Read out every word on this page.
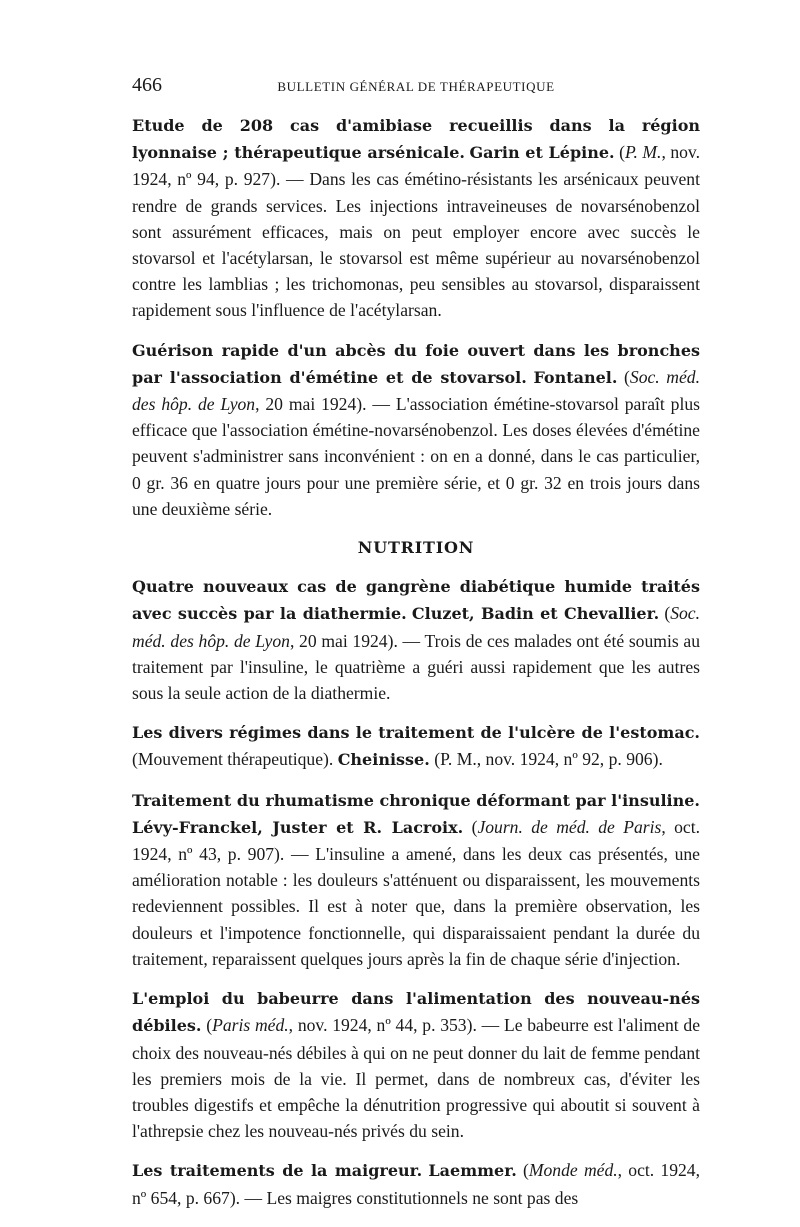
466	BULLETIN GÉNÉRAL DE THÉRAPEUTIQUE

Etude de 208 cas d'amibiase recueillis dans la région lyonnaise ; thérapeutique arsénicale. Garin et Lépine. (P. M., nov. 1924, nº 94, p. 927). — Dans les cas émétino-résistants les arsénicaux peuvent rendre de grands services. Les injections intraveineuses de novarsénobenzol sont assurément efficaces, mais on peut employer encore avec succès le stovarsol et l'acétylarsan, le stovarsol est même supérieur au novarsénobenzol contre les lamblias ; les trichomonas, peu sensibles au stovarsol, disparaissent rapidement sous l'influence de l'acétylarsan.

Guérison rapide d'un abcès du foie ouvert dans les bronches par l'association d'émétine et de stovarsol. Fontanel. (Soc. méd. des hôp. de Lyon, 20 mai 1924). — L'association émétine-stovarsol paraît plus efficace que l'association émétine-novarsénobenzol. Les doses élevées d'émétine peuvent s'administrer sans inconvénient : on en a donné, dans le cas particulier, 0 gr. 36 en quatre jours pour une première série, et 0 gr. 32 en trois jours dans une deuxième série.

NUTRITION

Quatre nouveaux cas de gangrène diabétique humide traités avec succès par la diathermie. Cluzet, Badin et Chevallier. (Soc. méd. des hôp. de Lyon, 20 mai 1924). — Trois de ces malades ont été soumis au traitement par l'insuline, le quatrième a guéri aussi rapidement que les autres sous la seule action de la diathermie.

Les divers régimes dans le traitement de l'ulcère de l'estomac. (Mouvement thérapeutique). Cheinisse. (P. M., nov. 1924, nº 92, p. 906).

Traitement du rhumatisme chronique déformant par l'insuline. Lévy-Franckel, Juster et R. Lacroix. (Journ. de méd. de Paris, oct. 1924, nº 43, p. 907). — L'insuline a amené, dans les deux cas présentés, une amélioration notable : les douleurs s'atténuent ou disparaissent, les mouvements redeviennent possibles. Il est à noter que, dans la première observation, les douleurs et l'impotence fonctionnelle, qui disparaissaient pendant la durée du traitement, reparaissent quelques jours après la fin de chaque série d'injection.

L'emploi du babeurre dans l'alimentation des nouveau-nés débiles. (Paris méd., nov. 1924, nº 44, p. 353). — Le babeurre est l'aliment de choix des nouveau-nés débiles à qui on ne peut donner du lait de femme pendant les premiers mois de la vie. Il permet, dans de nombreux cas, d'éviter les troubles digestifs et empêche la dénutrition progressive qui aboutit si souvent à l'athrepsie chez les nouveau-nés privés du sein.

Les traitements de la maigreur. Laemmer. (Monde méd., oct. 1924, nº 654, p. 667). — Les maigres constitutionnels ne sont pas des
